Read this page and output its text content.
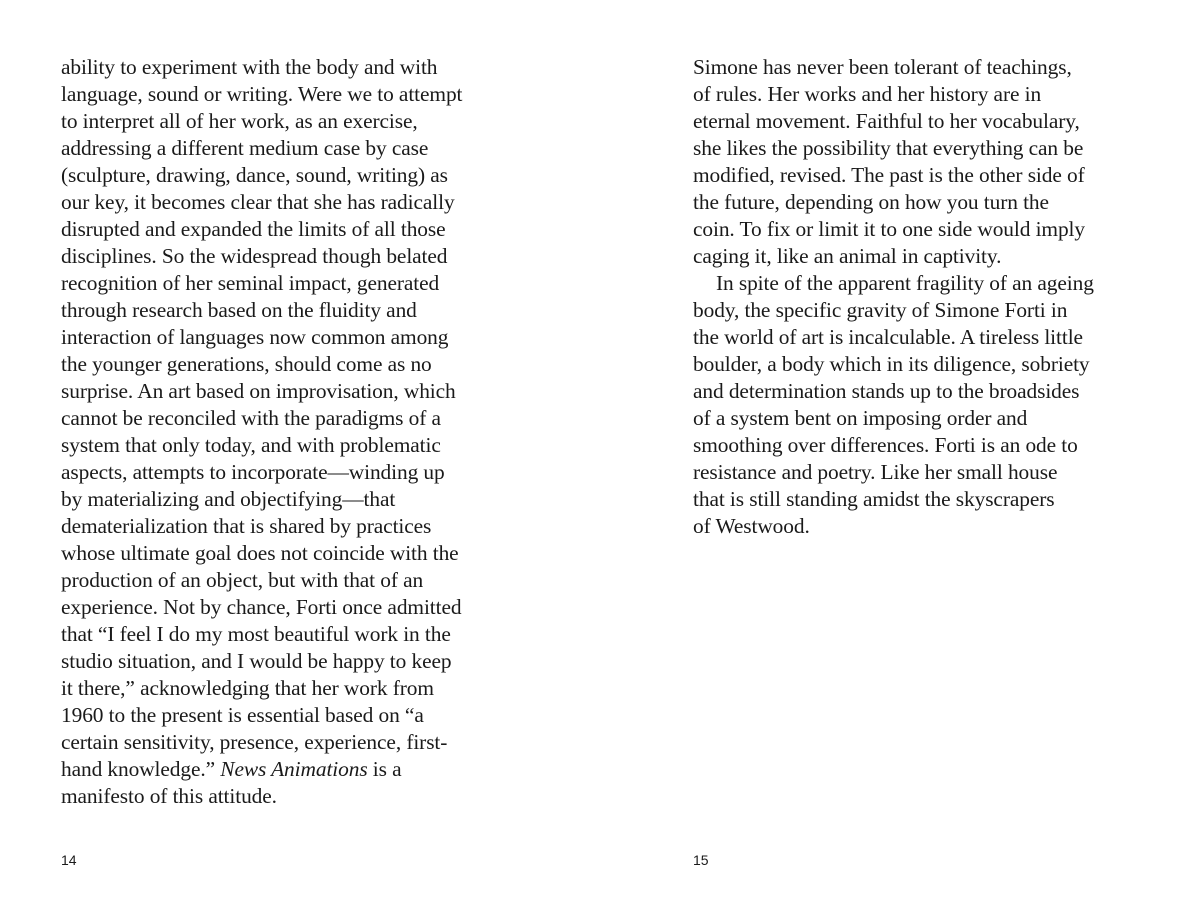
ability to experiment with the body and with
language, sound or writing. Were we to attempt
to interpret all of her work, as an exercise,
addressing a different medium case by case
(sculpture, drawing, dance, sound, writing) as
our key, it becomes clear that she has radically
disrupted and expanded the limits of all those
disciplines. So the widespread though belated
recognition of her seminal impact, generated
through research based on the fluidity and
interaction of languages now common among
the younger generations, should come as no
surprise. An art based on improvisation, which
cannot be reconciled with the paradigms of a
system that only today, and with problematic
aspects, attempts to incorporate—winding up
by materializing and objectifying—that
dematerialization that is shared by practices
whose ultimate goal does not coincide with the
production of an object, but with that of an
experience. Not by chance, Forti once admitted
that “I feel I do my most beautiful work in the
studio situation, and I would be happy to keep
it there,” acknowledging that her work from
1960 to the present is essential based on “a
certain sensitivity, presence, experience, first-
hand knowledge.” News Animations is a
manifesto of this attitude.
14
Simone has never been tolerant of teachings,
of rules. Her works and her history are in
eternal movement. Faithful to her vocabulary,
she likes the possibility that everything can be
modified, revised. The past is the other side of
the future, depending on how you turn the
coin. To fix or limit it to one side would imply
caging it, like an animal in captivity.
In spite of the apparent fragility of an ageing
body, the specific gravity of Simone Forti in
the world of art is incalculable. A tireless little
boulder, a body which in its diligence, sobriety
and determination stands up to the broadsides
of a system bent on imposing order and
smoothing over differences. Forti is an ode to
resistance and poetry. Like her small house
that is still standing amidst the skyscrapers
of Westwood.
15
